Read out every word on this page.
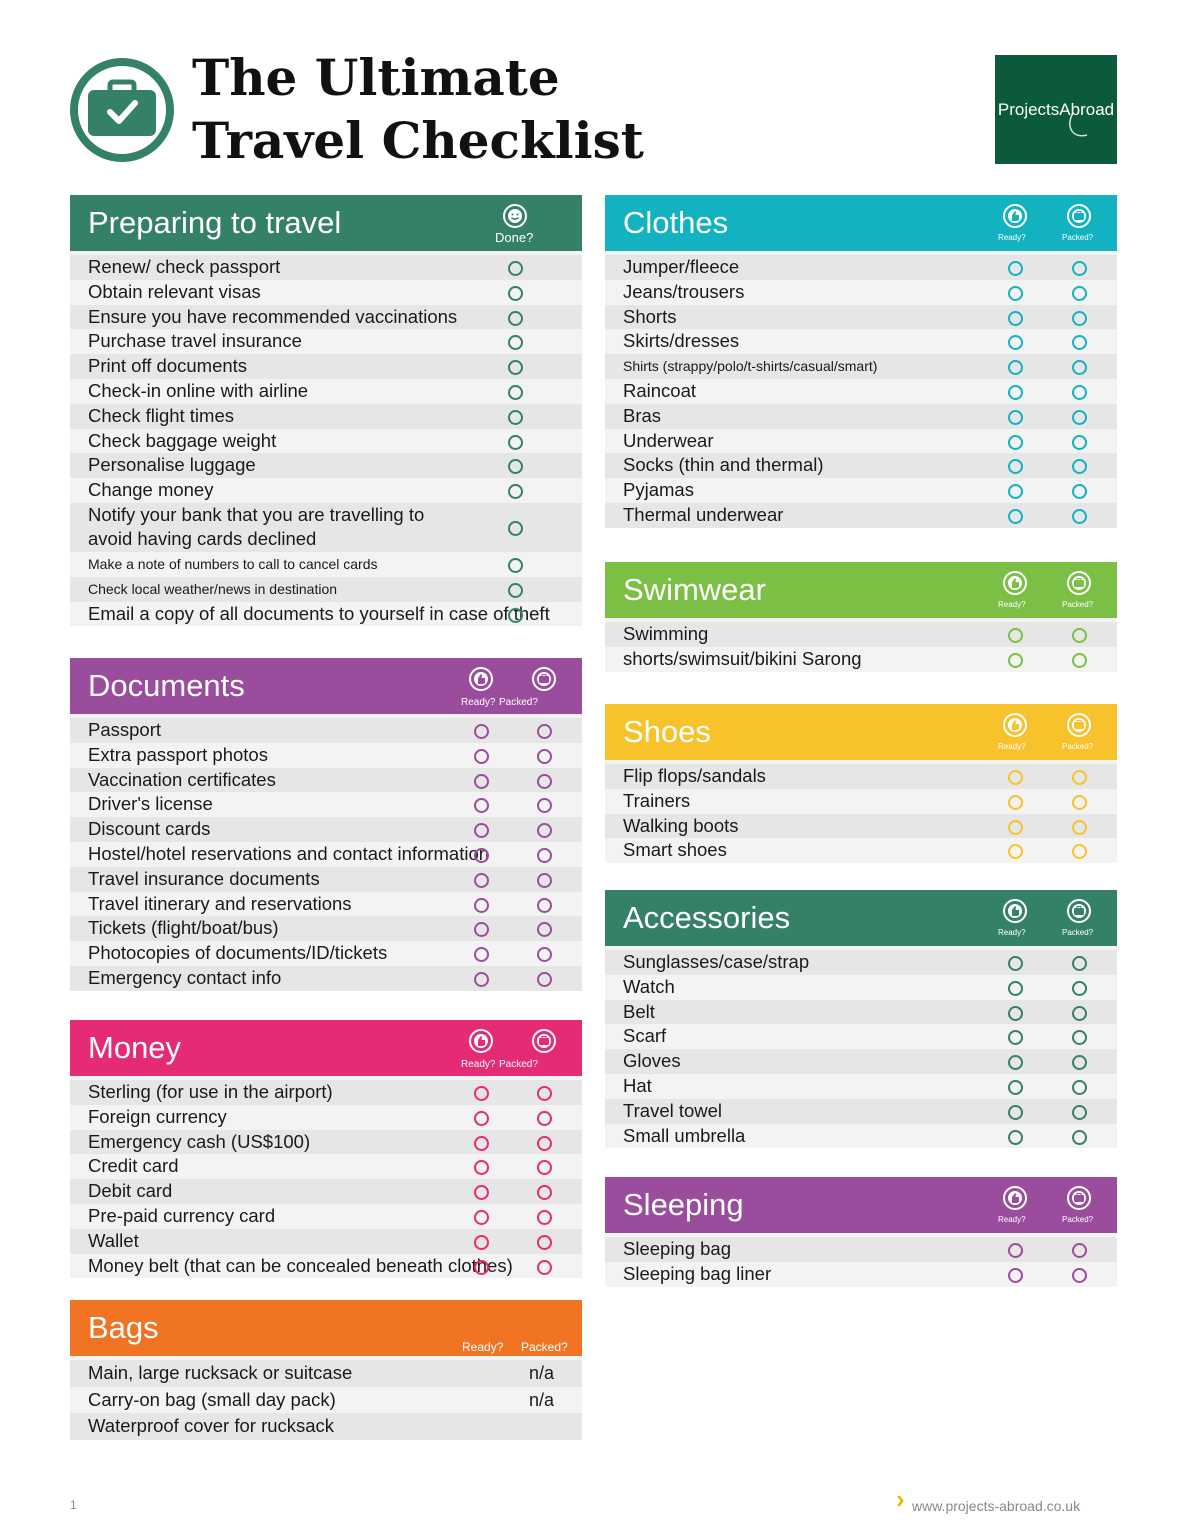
The Ultimate
Travel Checklist
ProjectsAbroad
Preparing to travel	Done?
Renew/ check passport
Obtain relevant visas
Ensure you have recommended vaccinations
Purchase travel insurance
Print off documents
Check-in online with airline
Check flight times
Check baggage weight
Personalise luggage
Change money
Notify your bank that you are travelling to avoid having cards declined
Make a note of numbers to call to cancel cards
Check local weather/news in destination
Email a copy of all documents to yourself in case of theft
Documents	Ready? Packed?
Passport
Extra passport photos
Vaccination certificates
Driver's license
Discount cards
Hostel/hotel reservations and contact information
Travel insurance documents
Travel itinerary and reservations
Tickets (flight/boat/bus)
Photocopies of documents/ID/tickets
Emergency contact info
Money	Ready? Packed?
Sterling (for use in the airport)
Foreign currency
Emergency cash (US$100)
Credit card
Debit card
Pre-paid currency card
Wallet
Money belt (that can be concealed beneath clothes)
Bags
Ready? Packed?
Main, large rucksack or suitcase	n/a
Carry-on bag (small day pack)	n/a
Waterproof cover for rucksack
Clothes	Ready?	Packed?
Jumper/fleece
Jeans/trousers
Shorts
Skirts/dresses
Shirts (strappy/polo/t-shirts/casual/smart)
Raincoat
Bras
Underwear
Socks (thin and thermal)
Pyjamas
Thermal underwear
Swimwear	Ready?	Packed?
Swimming
shorts/swimsuit/bikini Sarong
Shoes	Ready?	Packed?
Flip flops/sandals
Trainers
Walking boots
Smart shoes
Accessories	Ready?	Packed?
Sunglasses/case/strap
Watch
Belt
Scarf
Gloves
Hat
Travel towel
Small umbrella
Sleeping	Ready?	Packed?
Sleeping bag
Sleeping bag liner
1	› www.projects-abroad.co.uk
